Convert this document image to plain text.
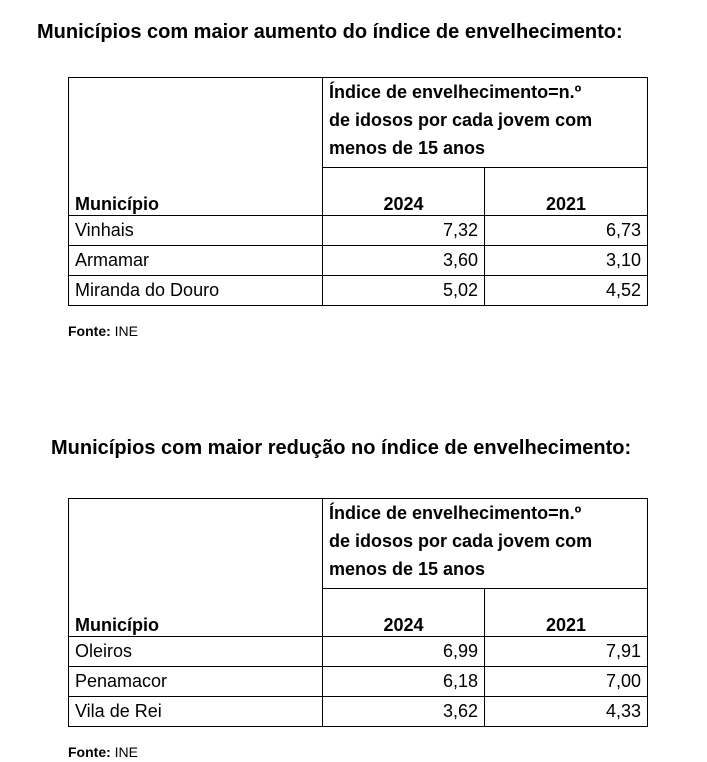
Municípios com maior aumento do índice de envelhecimento:
Município	Índice de envelhecimento=n.º
de idosos por cada jovem com
menos de 15 anos	

	2024	2021
Vinhais	7,32	6,73
Armamar	3,60	3,10
Miranda do Douro	5,02	4,52
Fonte: INE
Municípios com maior redução no índice de envelhecimento:
Município	Índice de envelhecimento=n.º
de idosos por cada jovem com
menos de 15 anos	

	2024	2021
Oleiros	6,99	7,91
Penamacor	6,18	7,00
Vila de Rei	3,62	4,33
Fonte: INE
